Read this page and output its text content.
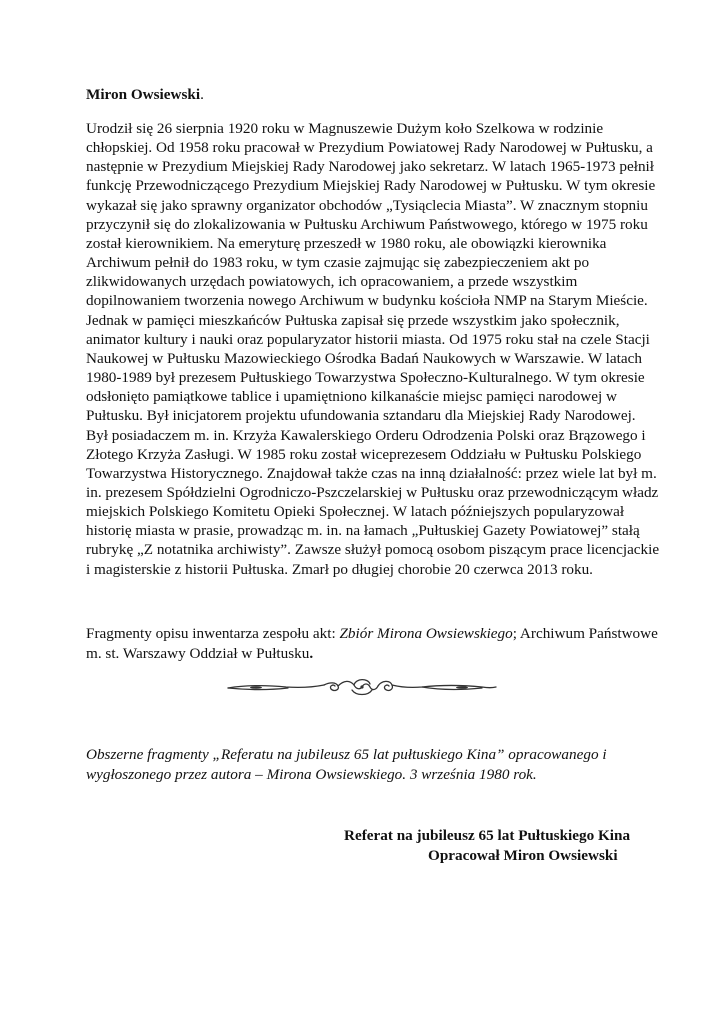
Miron Owsiewski.
Urodził się 26 sierpnia 1920 roku w Magnuszewie Dużym koło Szelkowa w rodzinie
chłopskiej. Od 1958 roku pracował w Prezydium Powiatowej Rady Narodowej w Pułtusku, a
następnie w Prezydium Miejskiej Rady Narodowej jako sekretarz. W latach 1965-1973 pełnił
funkcję Przewodniczącego Prezydium Miejskiej Rady Narodowej w Pułtusku. W tym okresie
wykazał się jako sprawny organizator obchodów „Tysiąclecia Miasta”. W znacznym stopniu
przyczynił się do zlokalizowania w Pułtusku Archiwum Państwowego, którego w 1975 roku
został kierownikiem. Na emeryturę przeszedł w 1980 roku, ale obowiązki kierownika
Archiwum pełnił do 1983 roku, w tym czasie zajmując się zabezpieczeniem akt po
zlikwidowanych urzędach powiatowych, ich opracowaniem, a przede wszystkim
dopilnowaniem tworzenia nowego Archiwum w budynku kościoła NMP na Starym Mieście.
Jednak w pamięci mieszkańców Pułtuska zapisał się przede wszystkim jako społecznik,
animator kultury i nauki oraz popularyzator historii miasta. Od 1975 roku stał na czele Stacji
Naukowej w Pułtusku Mazowieckiego Ośrodka Badań Naukowych w Warszawie. W latach
1980-1989 był prezesem Pułtuskiego Towarzystwa Społeczno-Kulturalnego. W tym okresie
odsłonięto pamiątkowe tablice i upamiętniono kilkanaście miejsc pamięci narodowej w
Pułtusku. Był inicjatorem projektu ufundowania sztandaru dla Miejskiej Rady Narodowej.
Był posiadaczem m. in. Krzyża Kawalerskiego Orderu Odrodzenia Polski oraz Brązowego i
Złotego Krzyża Zasługi. W 1985 roku został wiceprezesem Oddziału w Pułtusku Polskiego
Towarzystwa Historycznego. Znajdował także czas na inną działalność: przez wiele lat był m.
in. prezesem Spółdzielni Ogrodniczo-Pszczelarskiej w Pułtusku oraz przewodniczącym władz
miejskich Polskiego Komitetu Opieki Społecznej. W latach późniejszych popularyzował
historię miasta w prasie, prowadząc m. in. na łamach „Pułtuskiej Gazety Powiatowej” stałą
rubrykę „Z notatnika archiwisty”. Zawsze służył pomocą osobom piszącym prace licencjackie
i magisterskie z historii Pułtuska. Zmarł po długiej chorobie 20 czerwca 2013 roku.
Fragmenty opisu inwentarza zespołu akt: Zbiór Mirona Owsiewskiego; Archiwum Państwowe
m. st. Warszawy Oddział w Pułtusku.
Obszerne fragmenty „Referatu na jubileusz 65 lat pułtuskiego Kina” opracowanego i
wygłoszonego przez autora – Mirona Owsiewskiego. 3 września 1980 rok.
Referat na jubileusz 65 lat Pułtuskiego Kina
Opracował Miron Owsiewski
